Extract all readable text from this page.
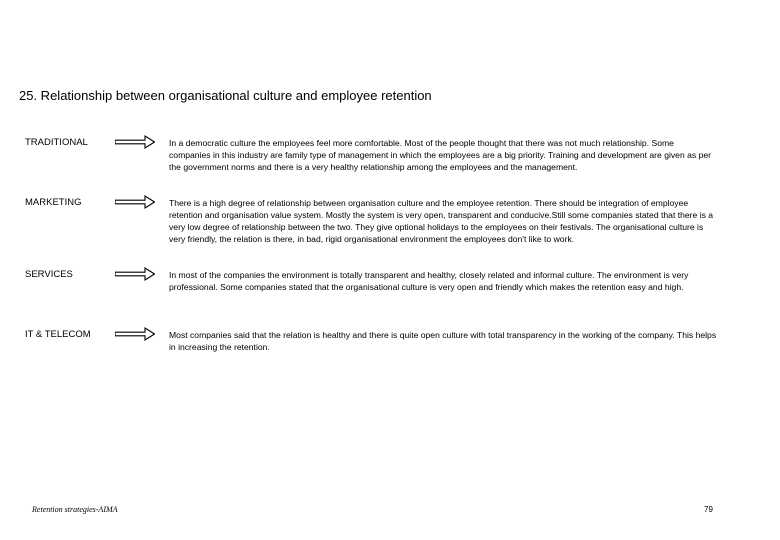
25. Relationship between organisational culture and employee retention
TRADITIONAL	In a democratic culture the employees feel more comfortable. Most of the people thought that there was not much relationship. Some companies in this industry are family type of management in which the employees are a big priority. Training and development are given as per the government norms and there is a very healthy relationship among the employees and the management.

MARKETING	There is a high degree of relationship between organisation culture and the employee retention. There should be integration of employee retention and organisation value system. Mostly the system is very open, transparent and conducive.Still some companies stated that there is a very low degree of relationship between the two. They give optional holidays to the employees on their festivals. The organisational culture is very friendly, the relation is there, in bad, rigid organisational environment the employees don't like to work.

SERVICES	In most of the companies the environment is totally transparent and healthy, closely related and informal culture. The environment is very professional. Some companies stated that the organisational culture is very open and friendly which makes the retention easy and high.

IT & TELECOM	Most companies said that the relation is healthy and there is quite open culture with total transparency in the working of the company. This helps in increasing the retention.

Retention strategies-AIMA	79
